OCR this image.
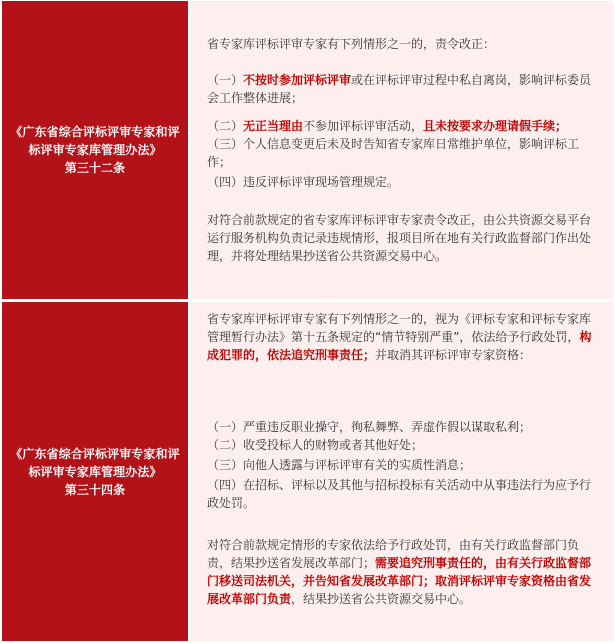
《广东省综合评标评审专家和评
标评审专家库管理办法》
第三十二条

省专家库评标评审专家有下列情形之一的，责令改正：

（一）不按时参加评标评审或在评标评审过程中私自离岗，影响评标委员会工作整体进展；

（二）无正当理由不参加评标评审活动，且未按要求办理请假手续；

（三）个人信息变更后未及时告知省专家库日常维护单位，影响评标工作；

（四）违反评标评审现场管理规定。

对符合前款规定的省专家库评标评审专家责令改正，由公共资源交易平台运行服务机构负责记录违规情形，报项目所在地有关行政监督部门作出处理，并将处理结果抄送省公共资源交易中心。

《广东省综合评标评审专家和评
标评审专家库管理办法》
第三十四条

省专家库评标评审专家有下列情形之一的，视为《评标专家和评标专家库管理暂行办法》第十五条规定的“情节特别严重”，依法给予行政处罚，构成犯罪的，依法追究刑事责任；并取消其评标评审专家资格：

（一）严重违反职业操守，徇私舞弊、弄虚作假以谋取私利；

（二）收受投标人的财物或者其他好处；

（三）向他人透露与评标评审有关的实质性消息；

（四）在招标、评标以及其他与招标投标有关活动中从事违法行为应予行政处罚。

对符合前款规定情形的专家依法给予行政处罚，由有关行政监督部门负责，结果抄送省发展改革部门；需要追究刑事责任的，由有关行政监督部门移送司法机关，并告知省发展改革部门；取消评标评审专家资格由省发展改革部门负责，结果抄送省公共资源交易中心。
